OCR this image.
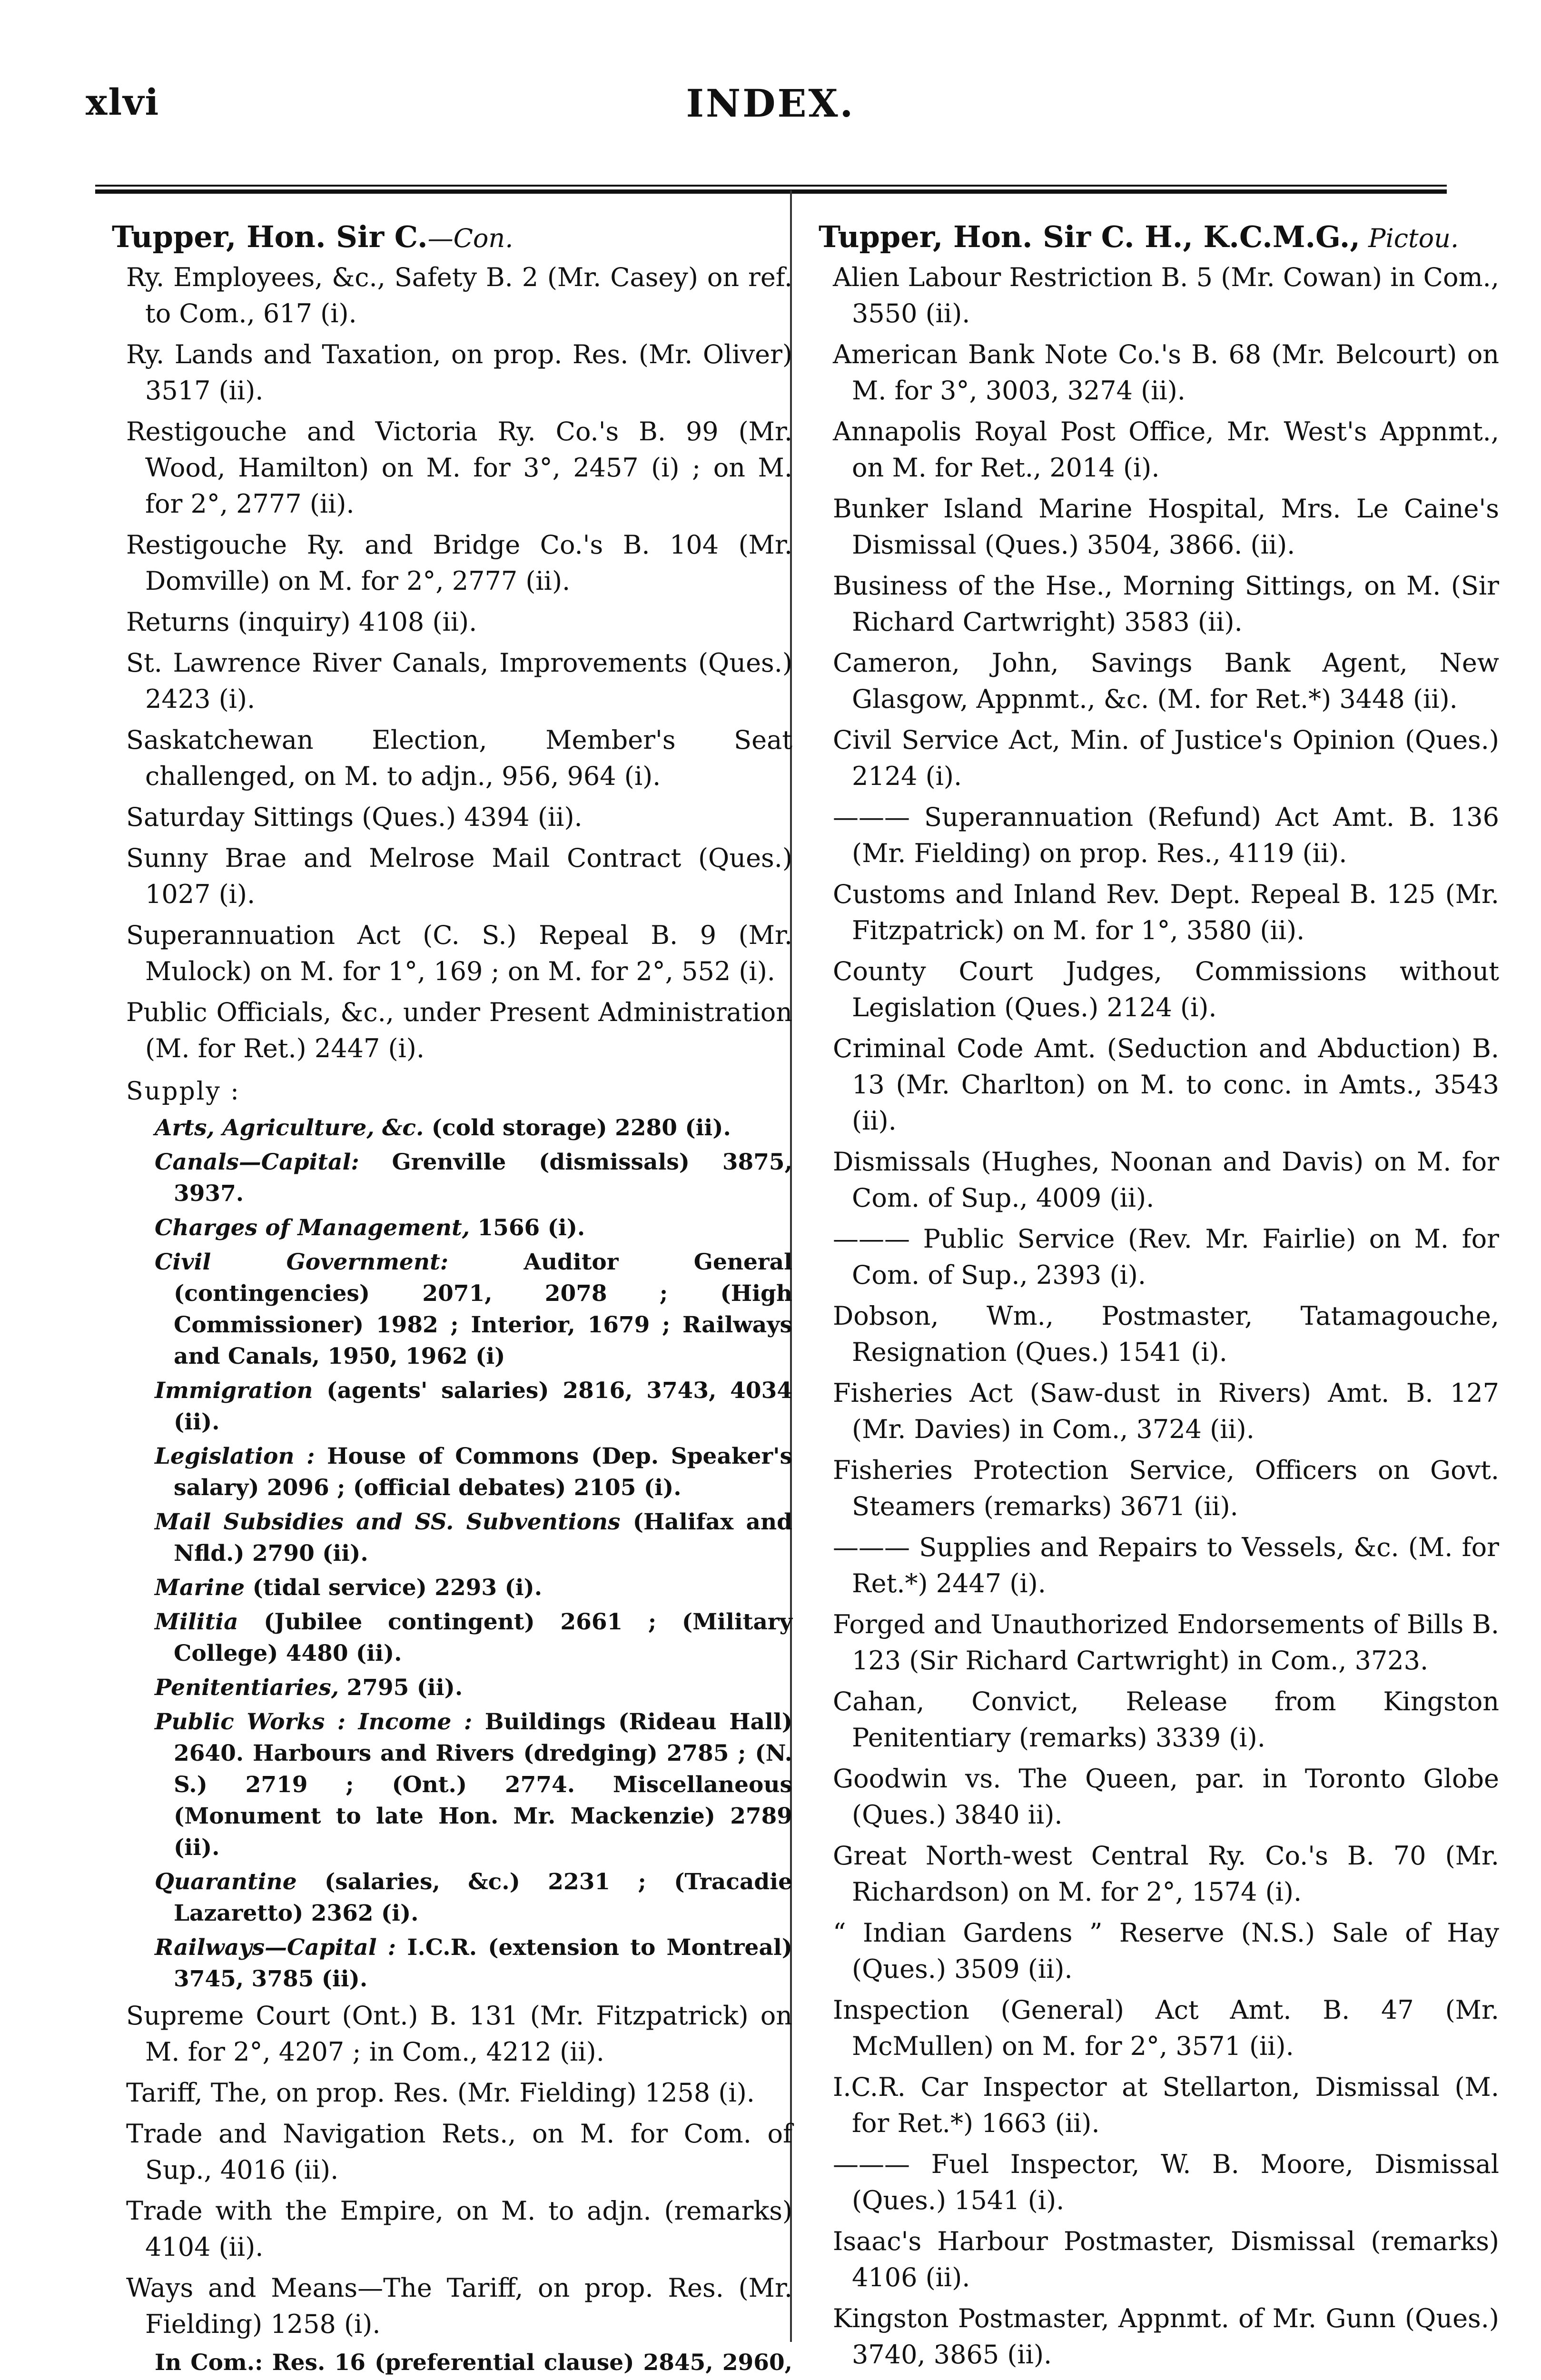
xlvi	INDEX.
Tupper, Hon. Sir C.—Con.
Ry. Employees, &c., Safety B. 2 (Mr. Casey) on ref. to Com., 617 (i).
Ry. Lands and Taxation, on prop. Res. (Mr. Oliver) 3517 (ii).
Restigouche and Victoria Ry. Co.'s B. 99 (Mr. Wood, Hamilton) on M. for 3°, 2457 (i) ; on M. for 2°, 2777 (ii).
Restigouche Ry. and Bridge Co.'s B. 104 (Mr. Domville) on M. for 2°, 2777 (ii).
Returns (inquiry) 4108 (ii).
St. Lawrence River Canals, Improvements (Ques.) 2423 (i).
Saskatchewan Election, Member's Seat challenged, on M. to adjn., 956, 964 (i).
Saturday Sittings (Ques.) 4394 (ii).
Sunny Brae and Melrose Mail Contract (Ques.) 1027 (i).
Superannuation Act (C. S.) Repeal B. 9 (Mr. Mulock) on M. for 1°, 169 ; on M. for 2°, 552 (i).
Public Officials, &c., under Present Administration (M. for Ret.) 2447 (i).
Supply :
Arts, Agriculture, &c. (cold storage) 2280 (ii).
Canals—Capital: Grenville (dismissals) 3875, 3937.
Charges of Management, 1566 (i).
Civil Government: Auditor General (contingencies) 2071, 2078 ; (High Commissioner) 1982 ; Interior, 1679 ; Railways and Canals, 1950, 1962 (i)
Immigration (agents' salaries) 2816, 3743, 4034 (ii).
Legislation : House of Commons (Dep. Speaker's salary) 2096 ; (official debates) 2105 (i).
Mail Subsidies and SS. Subventions (Halifax and Nfld.) 2790 (ii).
Marine (tidal service) 2293 (i).
Militia (Jubilee contingent) 2661 ; (Military College) 4480 (ii).
Penitentiaries, 2795 (ii).
Public Works : Income : Buildings (Rideau Hall) 2640. Harbours and Rivers (dredging) 2785 ; (N. S.) 2719 ; (Ont.) 2774. Miscellaneous (Monument to late Hon. Mr. Mackenzie) 2789 (ii).
Quarantine (salaries, &c.) 2231 ; (Tracadie Lazaretto) 2362 (i).
Railways—Capital : I.C.R. (extension to Montreal) 3745, 3785 (ii).
Supreme Court (Ont.) B. 131 (Mr. Fitzpatrick) on M. for 2°, 4207 ; in Com., 4212 (ii).
Tariff, The, on prop. Res. (Mr. Fielding) 1258 (i).
Trade and Navigation Rets., on M. for Com. of Sup., 4016 (ii).
Trade with the Empire, on M. to adjn. (remarks) 4104 (ii).
Ways and Means—The Tariff, on prop. Res. (Mr. Fielding) 1258 (i).
In Com.: Res. 16 (preferential clause) 2845, 2960,
Tupper, Hon. Sir C. H., K.C.M.G., Pictou.
Alien Labour Restriction B. 5 (Mr. Cowan) in Com., 3550 (ii).
American Bank Note Co.'s B. 68 (Mr. Belcourt) on M. for 3°, 3003, 3274 (ii).
Annapolis Royal Post Office, Mr. West's Appnmt., on M. for Ret., 2014 (i).
Bunker Island Marine Hospital, Mrs. Le Caine's Dismissal (Ques.) 3504, 3866. (ii).
Business of the Hse., Morning Sittings, on M. (Sir Richard Cartwright) 3583 (ii).
Cameron, John, Savings Bank Agent, New Glasgow, Appnmt., &c. (M. for Ret.*) 3448 (ii).
Civil Service Act, Min. of Justice's Opinion (Ques.) 2124 (i).
——— Superannuation (Refund) Act Amt. B. 136 (Mr. Fielding) on prop. Res., 4119 (ii).
Customs and Inland Rev. Dept. Repeal B. 125 (Mr. Fitzpatrick) on M. for 1°, 3580 (ii).
County Court Judges, Commissions without Legislation (Ques.) 2124 (i).
Criminal Code Amt. (Seduction and Abduction) B. 13 (Mr. Charlton) on M. to conc. in Amts., 3543 (ii).
Dismissals (Hughes, Noonan and Davis) on M. for Com. of Sup., 4009 (ii).
——— Public Service (Rev. Mr. Fairlie) on M. for Com. of Sup., 2393 (i).
Dobson, Wm., Postmaster, Tatamagouche, Resignation (Ques.) 1541 (i).
Fisheries Act (Saw-dust in Rivers) Amt. B. 127 (Mr. Davies) in Com., 3724 (ii).
Fisheries Protection Service, Officers on Govt. Steamers (remarks) 3671 (ii).
——— Supplies and Repairs to Vessels, &c. (M. for Ret.*) 2447 (i).
Forged and Unauthorized Endorsements of Bills B. 123 (Sir Richard Cartwright) in Com., 3723.
Cahan, Convict, Release from Kingston Penitentiary (remarks) 3339 (i).
Goodwin vs. The Queen, par. in Toronto Globe (Ques.) 3840 ii).
Great North-west Central Ry. Co.'s B. 70 (Mr. Richardson) on M. for 2°, 1574 (i).
“ Indian Gardens ” Reserve (N.S.) Sale of Hay (Ques.) 3509 (ii).
Inspection (General) Act Amt. B. 47 (Mr. McMullen) on M. for 2°, 3571 (ii).
I.C.R. Car Inspector at Stellarton, Dismissal (M. for Ret.*) 1663 (ii).
——— Fuel Inspector, W. B. Moore, Dismissal (Ques.) 1541 (i).
Isaac's Harbour Postmaster, Dismissal (remarks) 4106 (ii).
Kingston Postmaster, Appnmt. of Mr. Gunn (Ques.) 3740, 3865 (ii).
